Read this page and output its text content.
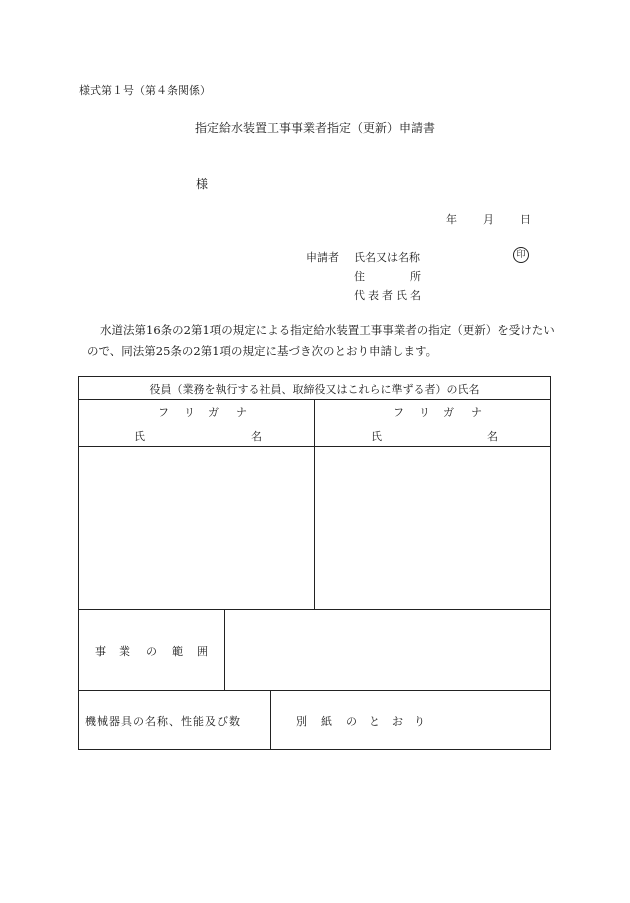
様式第１号（第４条関係）
指定給水装置工事事業者指定（更新）申請書
様
年 月 日
申請者 氏名又は名称	印
住	所
代表者氏名
水道法第16条の2第1項の規定による指定給水装置工事事業者の指定（更新）を受けたい
ので、同法第25条の2第1項の規定に基づき次のとおり申請します。
役員（業務を執行する社員、取締役又はこれらに準ずる者）の氏名
フ リ ガ ナ
氏	名
フ リ ガ ナ
氏	名
事 業 の 範 囲
機械器具の名称、性能及び数	別 紙 の と お り
